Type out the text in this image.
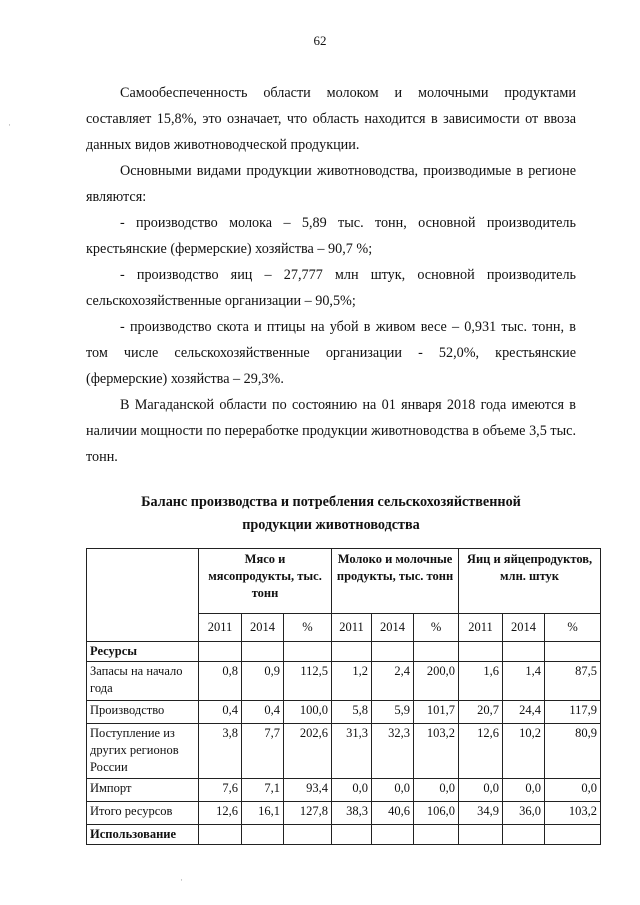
62

Самообеспеченность области молоком и молочными продуктами составляет 15,8%, это означает, что область находится в зависимости от ввоза данных видов животноводческой продукции.

Основными видами продукции животноводства, производимые в регионе являются:

- производство молока – 5,89 тыс. тонн, основной производитель крестьянские (фермерские) хозяйства – 90,7 %;

- производство яиц – 27,777 млн штук, основной производитель сельскохозяйственные организации – 90,5%;

- производство скота и птицы на убой в живом весе – 0,931 тыс. тонн, в том числе сельскохозяйственные организации - 52,0%, крестьянские (фермерские) хозяйства – 29,3%.

В Магаданской области по состоянию на 01 января 2018 года имеются в наличии мощности по переработке продукции животноводства в объеме 3,5 тыс. тонн.

Баланс производства и потребления сельскохозяйственной
продукции животноводства
	Мясо и мясопродукты, тыс. тонн			Молоко и молочные продукты, тыс. тонн			Яиц и яйцепродуктов, млн. штук		
	2011	2014	%	2011	2014	%	2011	2014	%
Ресурсы									
Запасы на начало года	0,8	0,9	112,5	1,2	2,4	200,0	1,6	1,4	87,5
Производство	0,4	0,4	100,0	5,8	5,9	101,7	20,7	24,4	117,9
Поступление из других регионов России	3,8	7,7	202,6	31,3	32,3	103,2	12,6	10,2	80,9
Импорт	7,6	7,1	93,4	0,0	0,0	0,0	0,0	0,0	0,0
Итого ресурсов	12,6	16,1	127,8	38,3	40,6	106,0	34,9	36,0	103,2
Использование									
·
·
